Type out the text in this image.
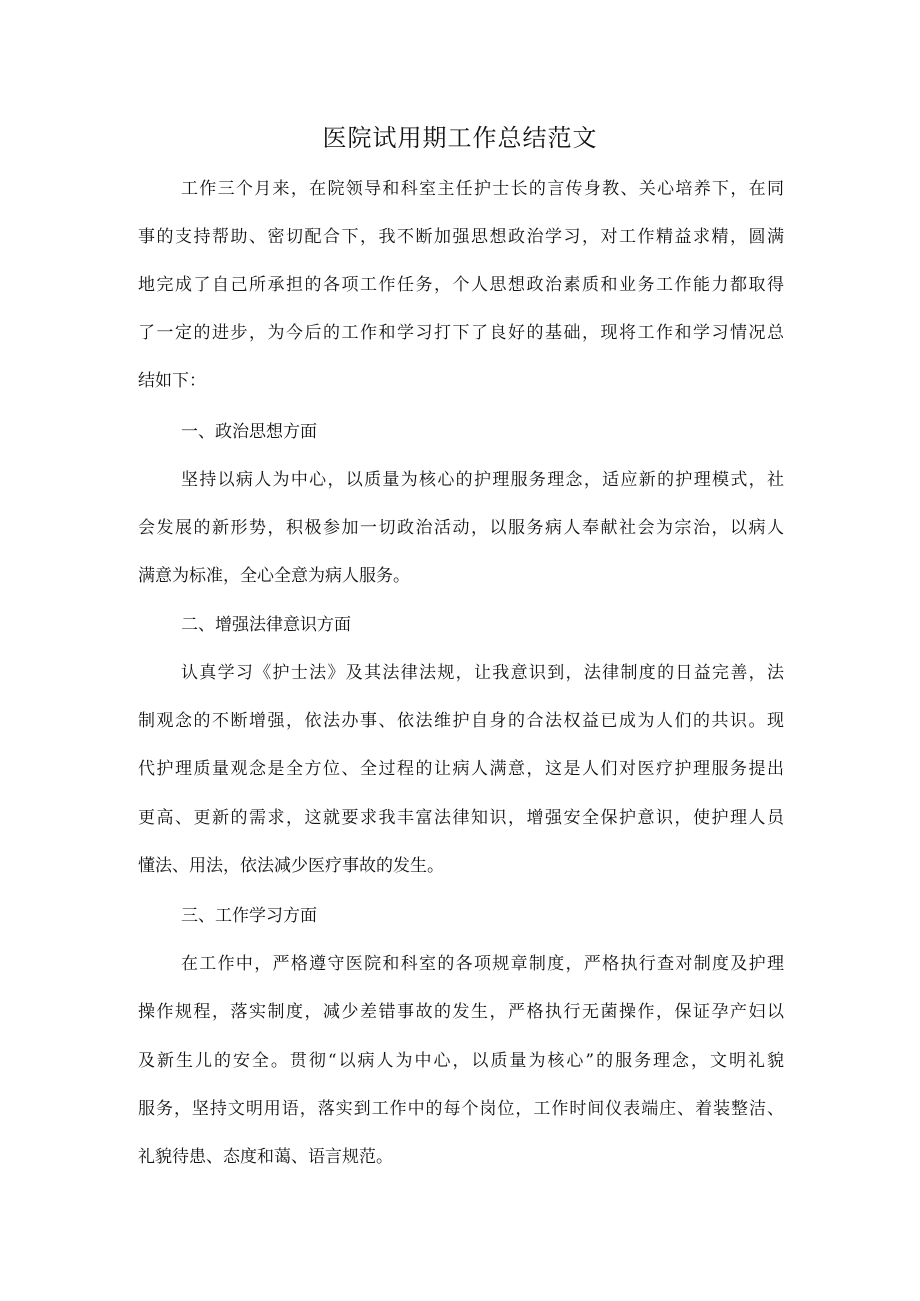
医院试用期工作总结范文

工作三个月来，在院领导和科室主任护士长的言传身教、关心培养下，在同

事的支持帮助、密切配合下，我不断加强思想政治学习，对工作精益求精，圆满

地完成了自己所承担的各项工作任务，个人思想政治素质和业务工作能力都取得

了一定的进步，为今后的工作和学习打下了良好的基础，现将工作和学习情况总

结如下：

一、政治思想方面

坚持以病人为中心，以质量为核心的护理服务理念，适应新的护理模式，社

会发展的新形势，积极参加一切政治活动，以服务病人奉献社会为宗治，以病人

满意为标准，全心全意为病人服务。

二、增强法律意识方面

认真学习《护士法》及其法律法规，让我意识到，法律制度的日益完善，法

制观念的不断增强，依法办事、依法维护自身的合法权益已成为人们的共识。现

代护理质量观念是全方位、全过程的让病人满意，这是人们对医疗护理服务提出

更高、更新的需求，这就要求我丰富法律知识，增强安全保护意识，使护理人员

懂法、用法，依法减少医疗事故的发生。

三、工作学习方面

在工作中，严格遵守医院和科室的各项规章制度，严格执行查对制度及护理

操作规程，落实制度，减少差错事故的发生，严格执行无菌操作，保证孕产妇以

及新生儿的安全。贯彻“以病人为中心，以质量为核心”的服务理念，文明礼貌

服务，坚持文明用语，落实到工作中的每个岗位，工作时间仪表端庄、着装整洁、

礼貌待患、态度和蔼、语言规范。
